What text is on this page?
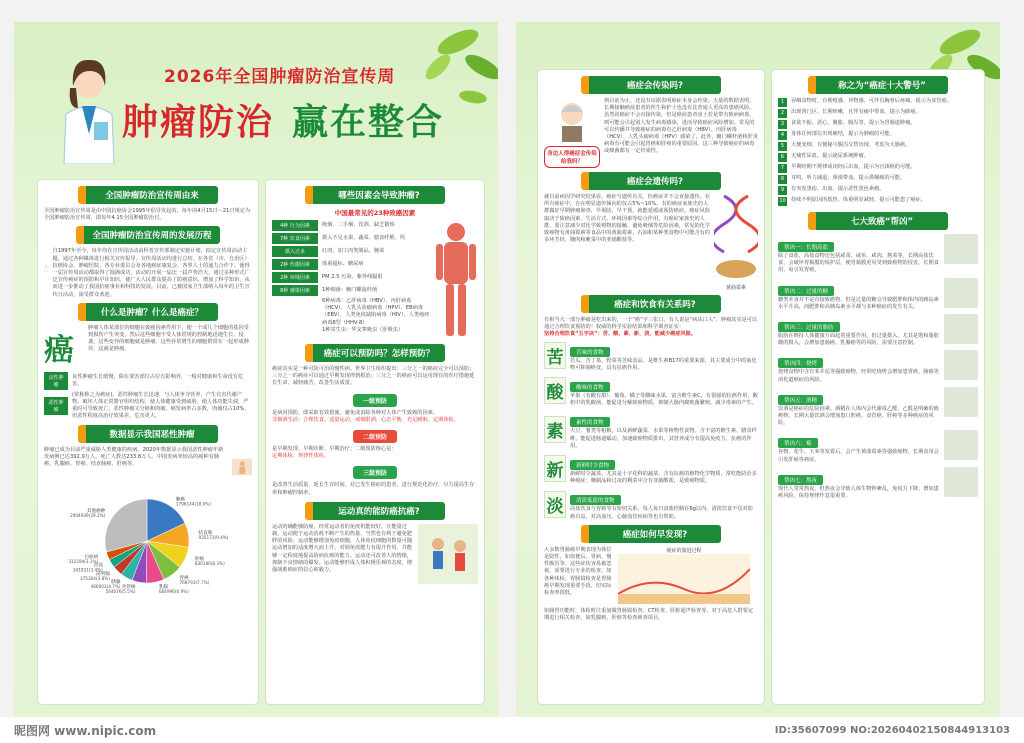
2026年全国肿瘤防治宣传周
肿瘤防治 赢在整合
全国肿瘤防治宣传周由来
全国肿瘤防治宣传周是由中国抗癌协会1995年倡导发起的，每年的4月15日－21日规定为全国肿瘤防治宣传周，即每年4.15全国肿瘤防治日。
全国肿瘤防治宣传周的发展历程
自1997年至今，每年均在宣传周活动由科普宣传部制定实施计划，拟定宣传周活动主题，通过各种媒体进行相关宣传报导，宣传周活动均进行总结。在各省（市、自治区）抗癌协会、肿瘤医院、各专业委员会及各地癌症康复会、各界人士的通力合作下，使得一届宣传周活动都取得了圆满成功。活动的开展一届比一届声势浩大，通过多种形式广泛宣传癌症的预防和早诊知识，使广大人民群众提高了防癌意识，增加了科学知识，从而进一步推动了我国抗癌事业和科技的发展。目前，已被国家卫生部纳入每年的卫生宣传日活动，深受群众欢迎。
什么是肿瘤？什么是癌症？
癌
肿瘤人体某部位的细胞在致癌因素作用下，使一个或几个细胞的基因受到损伤产生突变，然后这些细胞不受人体常规的控制地迅速生长、侵袭，这些变异的细胞就是肿瘤。这些异常增生的细胞群常在一起形成肿块，这就是肿瘤。
良性肿瘤
良性肿瘤生长缓慢，除在要害部位占位有影响外，一般对健康和生命没有危害。
恶性肿瘤
(常称称之为癌症)。恶性肿瘤生长迅速，与人体争夺营养，产生有害代谢产物，破坏人体正常器官组织结构，使人体健康受到威胁，使人体功能失调，严重时可导致死亡。恶性肿瘤又分癌和肉瘤，癌发病率占多数，肉瘤仅占10%，但恶性程度高治疗效果差，危害更大。
数据显示我国恶性肿瘤
肿瘤已成为目前严重威胁人类健康的疾病。2020年数据显示我国恶性肿瘤年新发病例已达392.9万人，死亡人数达233.8万人。中国发病率较高的癌种有肺癌、乳腺癌、胃癌、结直肠癌、肝癌等。
肺癌
1796144(18.0%)
结直肠
935173(9.4%)
肝癌
830180(8.3%)
胃癌
768793(7.7%)
乳腺
684996(6.9%)
食管癌
544076(5.5%)
胰腺
466003(4.7%)
前列腺
375304(3.8%)
宫颈
341831(3.4%)
白血病
311594(3.1%)
其他癌种
2904939(29.2%)
哪些因素会导致肿瘤?
中国最常见的23种致癌因素
4种 行为因素	吸烟、二手烟、饮酒、缺乏锻炼
7种 饮食因素	摄入不足水果、蔬菜、膳食纤维、钙
摄入过多	红肉、加工肉类制品、腌菜
2种 代谢因素	体重超标、糖尿病
2种 环境因素	PM 2.5 污染、紫外线辐射
8种 感染因素	1种细菌：幽门螺旋杆菌
6种病毒：乙肝病毒（HBV）、丙肝病毒（HCV）、人乳头状瘤病毒（HPV）、EB病毒（EBV）、人类免疫缺陷病毒（HIV）、人类疱疹病毒8型（HHV-8）
1种寄生虫：华支睾吸虫（肝吸虫）
癌症可以预防吗？怎样预防？
癌症其实是一种可防可治的慢性病。世界卫生组织提出：三分之一的癌症完全可以预防；三分之一的癌症可以通过早期发现得到根治；三分之一的癌症可以运用现有的医疗措施延长生命、减轻痛苦，改善生活质量。
一级预防
是病因预防，即采取有效措施，避免或消除各种对人体产生致癌的因素。
非烟酒生活：合理饮食、适量运动、戒烟限酒、心态平衡、充足睡眠、定期体检。
二级预防
是早期发现、早期诊断、早期治疗；二级预防核心是：
定期体检、规律性体检。
三级预防
是改善生活质量、延长生存时间，对已发生癌症的患者，进行规范化治疗，尽力提高生存率和肿瘤控制率。
运动真的能防癌抗癌?
运动的确能够防癌，经常运动者的免疫机能较好，且能量过载，运动便于运动消耗不断产生的热量，当然也有利于避免肥胖的风险，运动能够增加免疫细胞，人体免疫细胞的数量可随运动增加的适度增大而上升，对调免疫能力有提升作用，并能够一定程度地提高防病抗癌的能力。运动还可改善人的情绪，抑制不良情绪的爆发。运动能够形成人体积极乐观的态度，增强战胜癌症的信心和毅力。
癌症会传染吗?
身边人得癌症会传染给我吗？
到目前为止，还没有证据表明癌症本身会传染。大量的数据表明，长期接触癌症患者的医生和护士也没有比普通人更高的患癌风险。虽然说癌症不会直接传染，但是癌症患者身上若是带有致病病毒，则可能会引起别人发生病毒感染，进而导致癌症风险增加。常见的可以传播并导致癌症的病毒有乙肝病毒（HBV）、丙肝病毒（HCV）、人乳头瘤病毒（HPV）感染了，此外，幽门螺杆菌和肝炎病毒有可能会引起胃癌和肝癌的重要原因。这三种导致癌症的病毒或细菌都有一定传染性。
癌症会遗传吗?
就目前病因学研究结果看，癌症与遗传有关，但癌症并不会直接遗传。在所有癌症中，存在明显遗传倾向的仅占5%~10%。有的癌症家族史的人群做好早期肿瘤筛查，早预防、早干预，就能延缓或预防癌症。癌症风险取决于致癌因素、生活方式、环境因素等综合作用。有癌症家族史的人群，要注意减少对化学致癌物的接触，避免吸烟等危险因素，常见的化学致癌物有黄曲霉素等食品中的黄曲霉素，石油和某种类食物中可能含有的多环芳烃，腌肉和腌菜中的亚硝酸盐等。

黄曲霉素
癌症和饮食有关系吗?
有相当大一部分肿瘤是吃出来的，一个“癌”字三张口。有人说是“病从口入”。肿瘤其实是可以通过合理饮食预防的！权威的科学实验结果和科学调查证实：
坚持合理饮食“五字诀”：苦、酸、素、新、淡，能减少癌症风险。
苦	苦味的食物
苦瓜、苦丁茶、野菜等苦味食品，是维生素B17的重要来源，其主要成分中的氰化物可抑制癌变，具有抗癌作用。
酸	酸味的食物
苹果（有酸有甜）、葡萄、橘子等酸味水果，富含维生素C，有很强的抗癌作用，酸奶中的乳酸菌，能促进分解致癌物质，抑制大肠内腐败菌繁殖，减少毒素的产生。
素	素性的食物
大豆、薯类等粗粮，以及新鲜蔬菜、水果等植物性食物。含丰富的维生素、膳食纤维，能促进肠道蠕动，加速致癌物质排出，其营养成分有提高免疫力、抗癌的作用。
新	新鲜时令食物
新鲜时令蔬菜，尤其是十字花科的蔬菜，含有抗癌的植物化学物质，常吃能防治多种癌症；腌制品和过夜的剩菜中含有亚硝酸盐，是致癌物质。
淡	清淡低盐的食物
高盐饮食与胃癌等有密切关系，每人每日食盐控制在6g以内。清淡饮食不仅对防癌有益，对高血压、心脑血管疾病等也有帮助。
癌症如何早发现?
大多数胃肠癌早期表现为体位是隐性，如血便后、胃病，慢性腹泻等。这些症状容易被忽视，需要进行专业的检查，如各种体检。胃肠镜检查是胃肠癌早期发现重要手段，但实际检查率很低。
癌症的演进过程
如肠胃功能时，体检时注重加做胃肠镜检查、CT检查、肝脏超声检查等。对于高危人群要定期进行相关检查，如乳腺癌、肝癌等检查筛查项目。
称之为“癌症十大警号”
1	吞咽食物时，有梗噎感、异物感、可伴有胸骨后疼痛，提示为食管癌。
2	出现肾门区、长期咳嗽，且伴有痰中带血，提示为肺癌。
3	食欲不振、恶心、腹胀、腹泻等，提示为胃肠道肿瘤。
4	身体任何部位出现硬结，提示为肿瘤的可能。
5	大便变细、有便秘与腹泻交替出现，考虑为大肠癌。
6	无痛性尿血，提示泌尿系统肿瘤。
7	早期经期不规律或闭经后出血，提示为宫颈癌的可能。
8	耳鸣、听力减退、鼻涕带血，提示鼻咽癌的可能。
9	有突发黑痣、出血，提示恶性黑色素瘤。
10 持续不明原因的低热、体重明显减轻，提示可能患了癌症。
七大致癌“帮凶”
帮凶一：长期高盐
除了食盐，高盐食物还包括咸菜、咸鱼、咸肉、酱菜等。长期高盐饮食，会破坏胃黏膜的保护层，使胃黏膜更易受到致癌物的侵害，长期食用，易引发胃癌。
帮凶二：过量的糖
糖类本身并不是直接致癌物，但是过量的糖会导致肥胖和体内的胰岛素水平升高，而肥胖和高胰岛素水平都与多种癌症的发生有关。
帮凶三：过量的脂肪
脂肪在维持人体健康方面起着重要作用，但过量摄入，尤其是饱和脂肪酸的摄入，会增加患肠癌、乳腺癌等的风险，需要注意控制。
帮凶四：烧烤
烧烤食物中含有苯并芘等强致癌物，经常吃烧烤会增加患胃癌、肠癌等消化道癌症的风险。
帮凶五：酒精
饮酒是癌症的危险因素。酒精在人体内会代谢成乙醛，乙醛是明确的致癌物，长期大量饮酒会增加患口腔癌、食管癌、肝癌等多种癌症的风险。
帮凶六：霉
谷物、花生、玉米等发霉后，会产生黄曲霉素等强致癌物，长期食用会引发肝癌等癌症。
帮凶七：熬夜
现代人常常熬夜，但熬夜会导致人体生物钟紊乱，免疫力下降，增加患癌风险。保持规律作息很重要。
昵图网 www.nipic.com	ID:35607099 NO:20260402150844913103
